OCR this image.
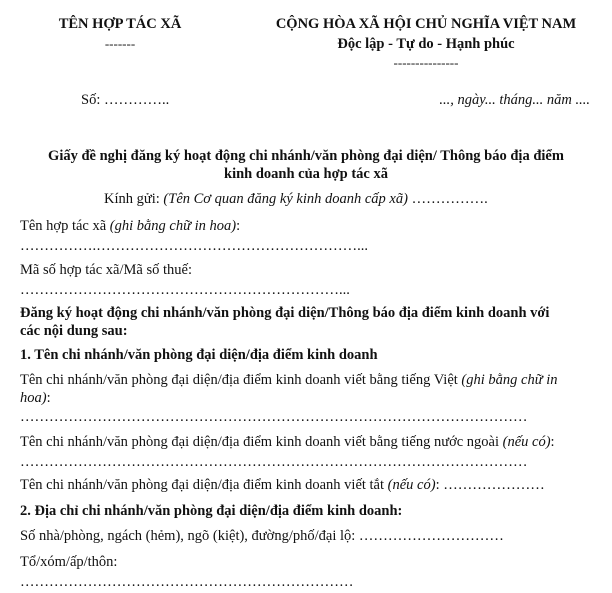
TÊN HỢP TÁC XÃ
-------
CỘNG HÒA XÃ HỘI CHỦ NGHĨA VIỆT NAM
Độc lập - Tự do - Hạnh phúc
---------------
Số: …………..	..., ngày... tháng... năm ....
Giấy đề nghị đăng ký hoạt động chi nhánh/văn phòng đại diện/ Thông báo địa điểm
kinh doanh của hợp tác xã
Kính gửi: (Tên Cơ quan đăng ký kinh doanh cấp xã) …………….
Tên hợp tác xã (ghi bằng chữ in hoa):
…………….………………………………………………...
Mã số hợp tác xã/Mã số thuế:
…………………………………………………………...
Đăng ký hoạt động chi nhánh/văn phòng đại diện/Thông báo địa điểm kinh doanh với
các nội dung sau:
1. Tên chi nhánh/văn phòng đại diện/địa điểm kinh doanh
Tên chi nhánh/văn phòng đại diện/địa điểm kinh doanh viết bằng tiếng Việt (ghi bằng chữ in
hoa):
……………………………………………………………………………………………
Tên chi nhánh/văn phòng đại diện/địa điểm kinh doanh viết bằng tiếng nước ngoài (nếu có):
……………………………………………………………………………………………
Tên chi nhánh/văn phòng đại diện/địa điểm kinh doanh viết tắt (nếu có): …………………
2. Địa chỉ chi nhánh/văn phòng đại diện/địa điểm kinh doanh:
Số nhà/phòng, ngách (hẻm), ngõ (kiệt), đường/phố/đại lộ: …………………………
Tổ/xóm/ấp/thôn:
……………………………………………………………
